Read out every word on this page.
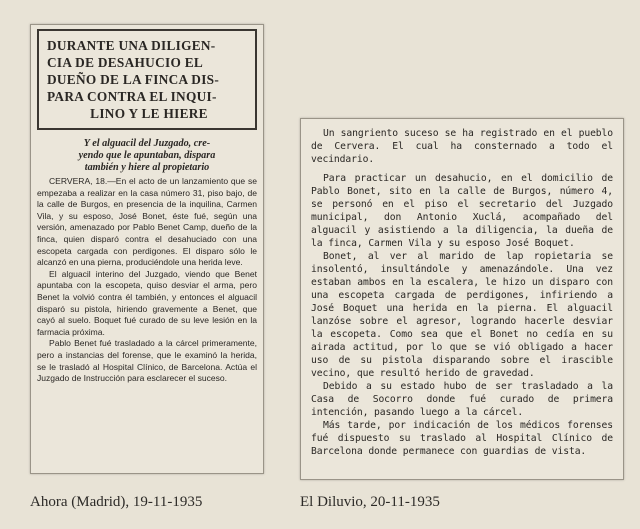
DURANTE UNA DILIGEN-
CIA DE DESAHUCIO EL
DUEÑO DE LA FINCA DIS-
PARA CONTRA EL INQUI-
LINO Y LE HIERE
Y el alguacil del Juzgado, cre-
yendo que le apuntaban, dispara
también y hiere al propietario

CERVERA, 18.—En el acto de un lanzamiento que se empezaba a realizar en la casa número 31, piso bajo, de la calle de Burgos, en presencia de la inquilina, Carmen Vila, y su esposo, José Bonet, éste fué, según una versión, amenazado por Pablo Benet Camp, dueño de la finca, quien disparó contra el desahuciado con una escopeta cargada con perdigones. El disparo sólo le alcanzó en una pierna, produciéndole una herida leve.

El alguacil interino del Juzgado, viendo que Benet apuntaba con la escopeta, quiso desviar el arma, pero Benet la volvió contra él también, y entonces el alguacil disparó su pistola, hiriendo gravemente a Benet, que cayó al suelo. Boquet fué curado de su leve lesión en la farmacia próxima.

Pablo Benet fué trasladado a la cárcel primeramente, pero a instancias del forense, que le examinó la herida, se le trasladó al Hospital Clínico, de Barcelona. Actúa el Juzgado de Instrucción para esclarecer el suceso.

Un sangriento suceso se ha registrado en el pueblo de Cervera. El cual ha consternado a todo el vecindario.

Para practicar un desahucio, en el domicilio de Pablo Bonet, sito en la calle de Burgos, número 4, se personó en el piso el secretario del Juzgado municipal, don Antonio Xuclá, acompañado del alguacil y asistiendo a la diligencia, la dueña de la finca, Carmen Vila y su esposo José Boquet.

Bonet, al ver al marido de lap ropietaria se insolentó, insultándole y amenazándole. Una vez estaban ambos en la escalera, le hizo un disparo con una escopeta cargada de perdigones, infiriendo a José Boquet una herida en la pierna. El alguacil lanzóse sobre el agresor, logrando hacerle desviar la escopeta. Como sea que el Bonet no cedía en su airada actitud, por lo que se vió obligado a hacer uso de su pistola disparando sobre el irascible vecino, que resultó herido de gravedad.

Debido a su estado hubo de ser trasladado a la Casa de Socorro donde fué curado de primera intención, pasando luego a la cárcel.

Más tarde, por indicación de los médicos forenses fué dispuesto su traslado al Hospital Clínico de Barcelona donde permanece con guardias de vista.

Ahora (Madrid), 19-11-1935	El Diluvio, 20-11-1935
